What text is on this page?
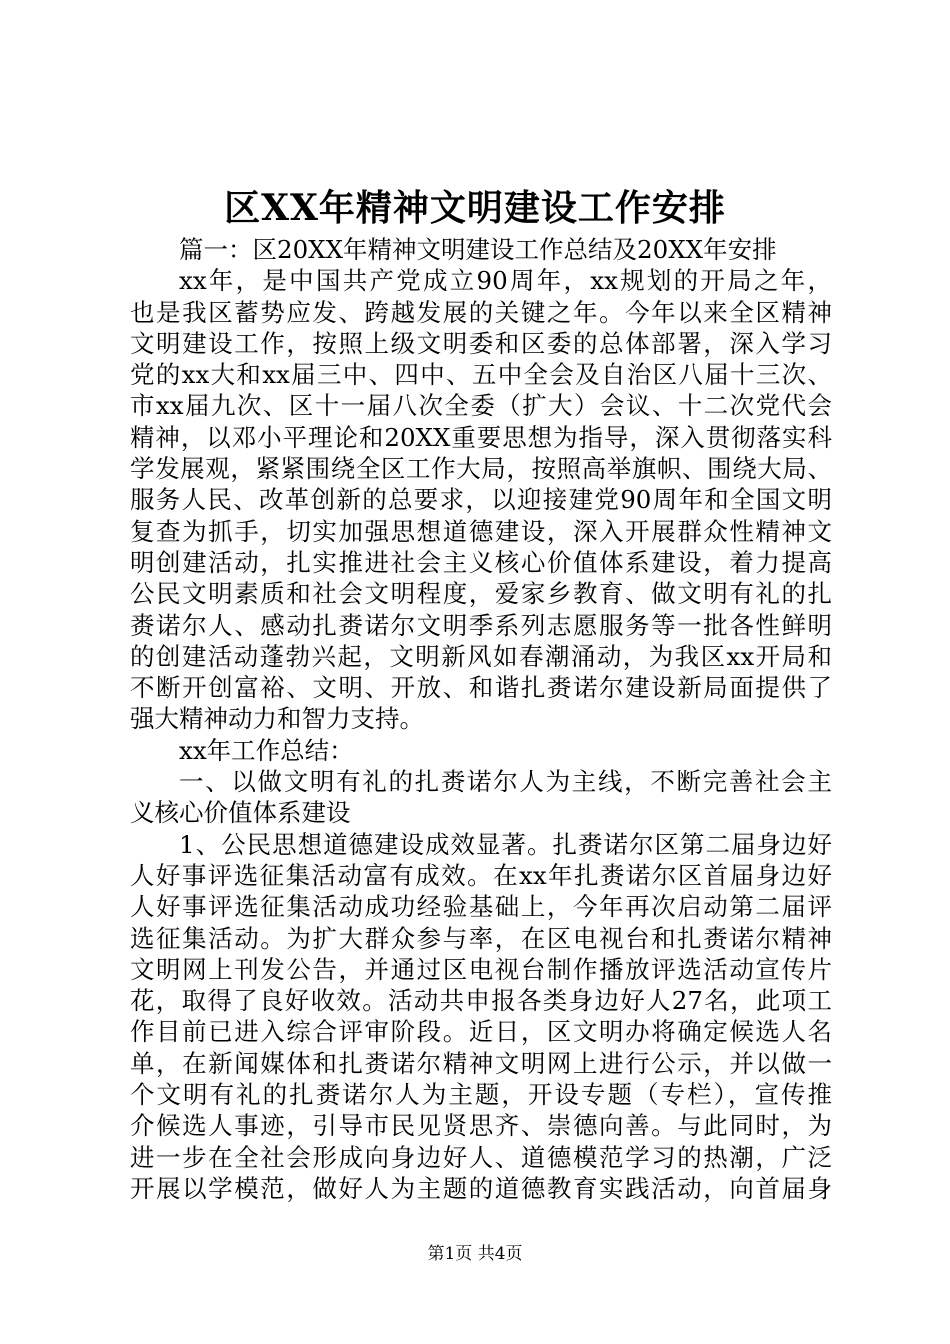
区XX年精神文明建设工作安排
篇一：区20XX年精神文明建设工作总结及20XX年安排
xx年，是中国共产党成立90周年，xx规划的开局之年，
也是我区蓄势应发、跨越发展的关键之年。今年以来全区精神
文明建设工作，按照上级文明委和区委的总体部署，深入学习
党的xx大和xx届三中、四中、五中全会及自治区八届十三次、
市xx届九次、区十一届八次全委（扩大）会议、十二次党代会
精神，以邓小平理论和20XX重要思想为指导，深入贯彻落实科
学发展观，紧紧围绕全区工作大局，按照高举旗帜、围绕大局、
服务人民、改革创新的总要求，以迎接建党90周年和全国文明
复查为抓手，切实加强思想道德建设，深入开展群众性精神文
明创建活动，扎实推进社会主义核心价值体系建设，着力提高
公民文明素质和社会文明程度，爱家乡教育、做文明有礼的扎
赉诺尔人、感动扎赉诺尔文明季系列志愿服务等一批各性鲜明
的创建活动蓬勃兴起，文明新风如春潮涌动，为我区xx开局和
不断开创富裕、文明、开放、和谐扎赉诺尔建设新局面提供了
强大精神动力和智力支持。
xx年工作总结：
一、以做文明有礼的扎赉诺尔人为主线，不断完善社会主
义核心价值体系建设
1、公民思想道德建设成效显著。扎赉诺尔区第二届身边好
人好事评选征集活动富有成效。在xx年扎赉诺尔区首届身边好
人好事评选征集活动成功经验基础上，今年再次启动第二届评
选征集活动。为扩大群众参与率，在区电视台和扎赉诺尔精神
文明网上刊发公告，并通过区电视台制作播放评选活动宣传片
花，取得了良好收效。活动共申报各类身边好人27名，此项工
作目前已进入综合评审阶段。近日，区文明办将确定候选人名
单，在新闻媒体和扎赉诺尔精神文明网上进行公示，并以做一
个文明有礼的扎赉诺尔人为主题，开设专题（专栏），宣传推
介候选人事迹，引导市民见贤思齐、崇德向善。与此同时，为
进一步在全社会形成向身边好人、道德模范学习的热潮，广泛
开展以学模范，做好人为主题的道德教育实践活动，向首届身
第1页 共4页
